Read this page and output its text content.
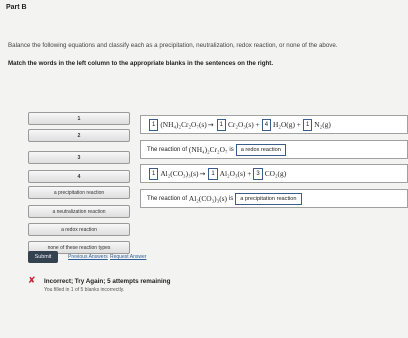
Part B
Balance the following equations and classify each as a precipitation, neutralization, redox reaction, or none of the above.
Match the words in the left column to the appropriate blanks in the sentences on the right.
1
2
3
4
a precipitation reaction
a neutralization reaction
a redox reaction
none of these reaction types
1 (NH₄)₂Cr₂O₇(s) →	1 Cr₂O₃(s) + 4 H₂O(g) + 1 N₂(g)
The reaction of
(NH₄)₂Cr₂O₇
is	a redox reaction
1 Al₂(CO₃)₃(s) →	1 Al₂O₃(s) + 3 CO₂(g)
The reaction of
Al₂(CO₃)₃(s)
is	a precipitation reaction
Submit	Previous Answers Request Answer
✘ Incorrect; Try Again; 5 attempts remaining
You filled in 1 of 5 blanks incorrectly.
